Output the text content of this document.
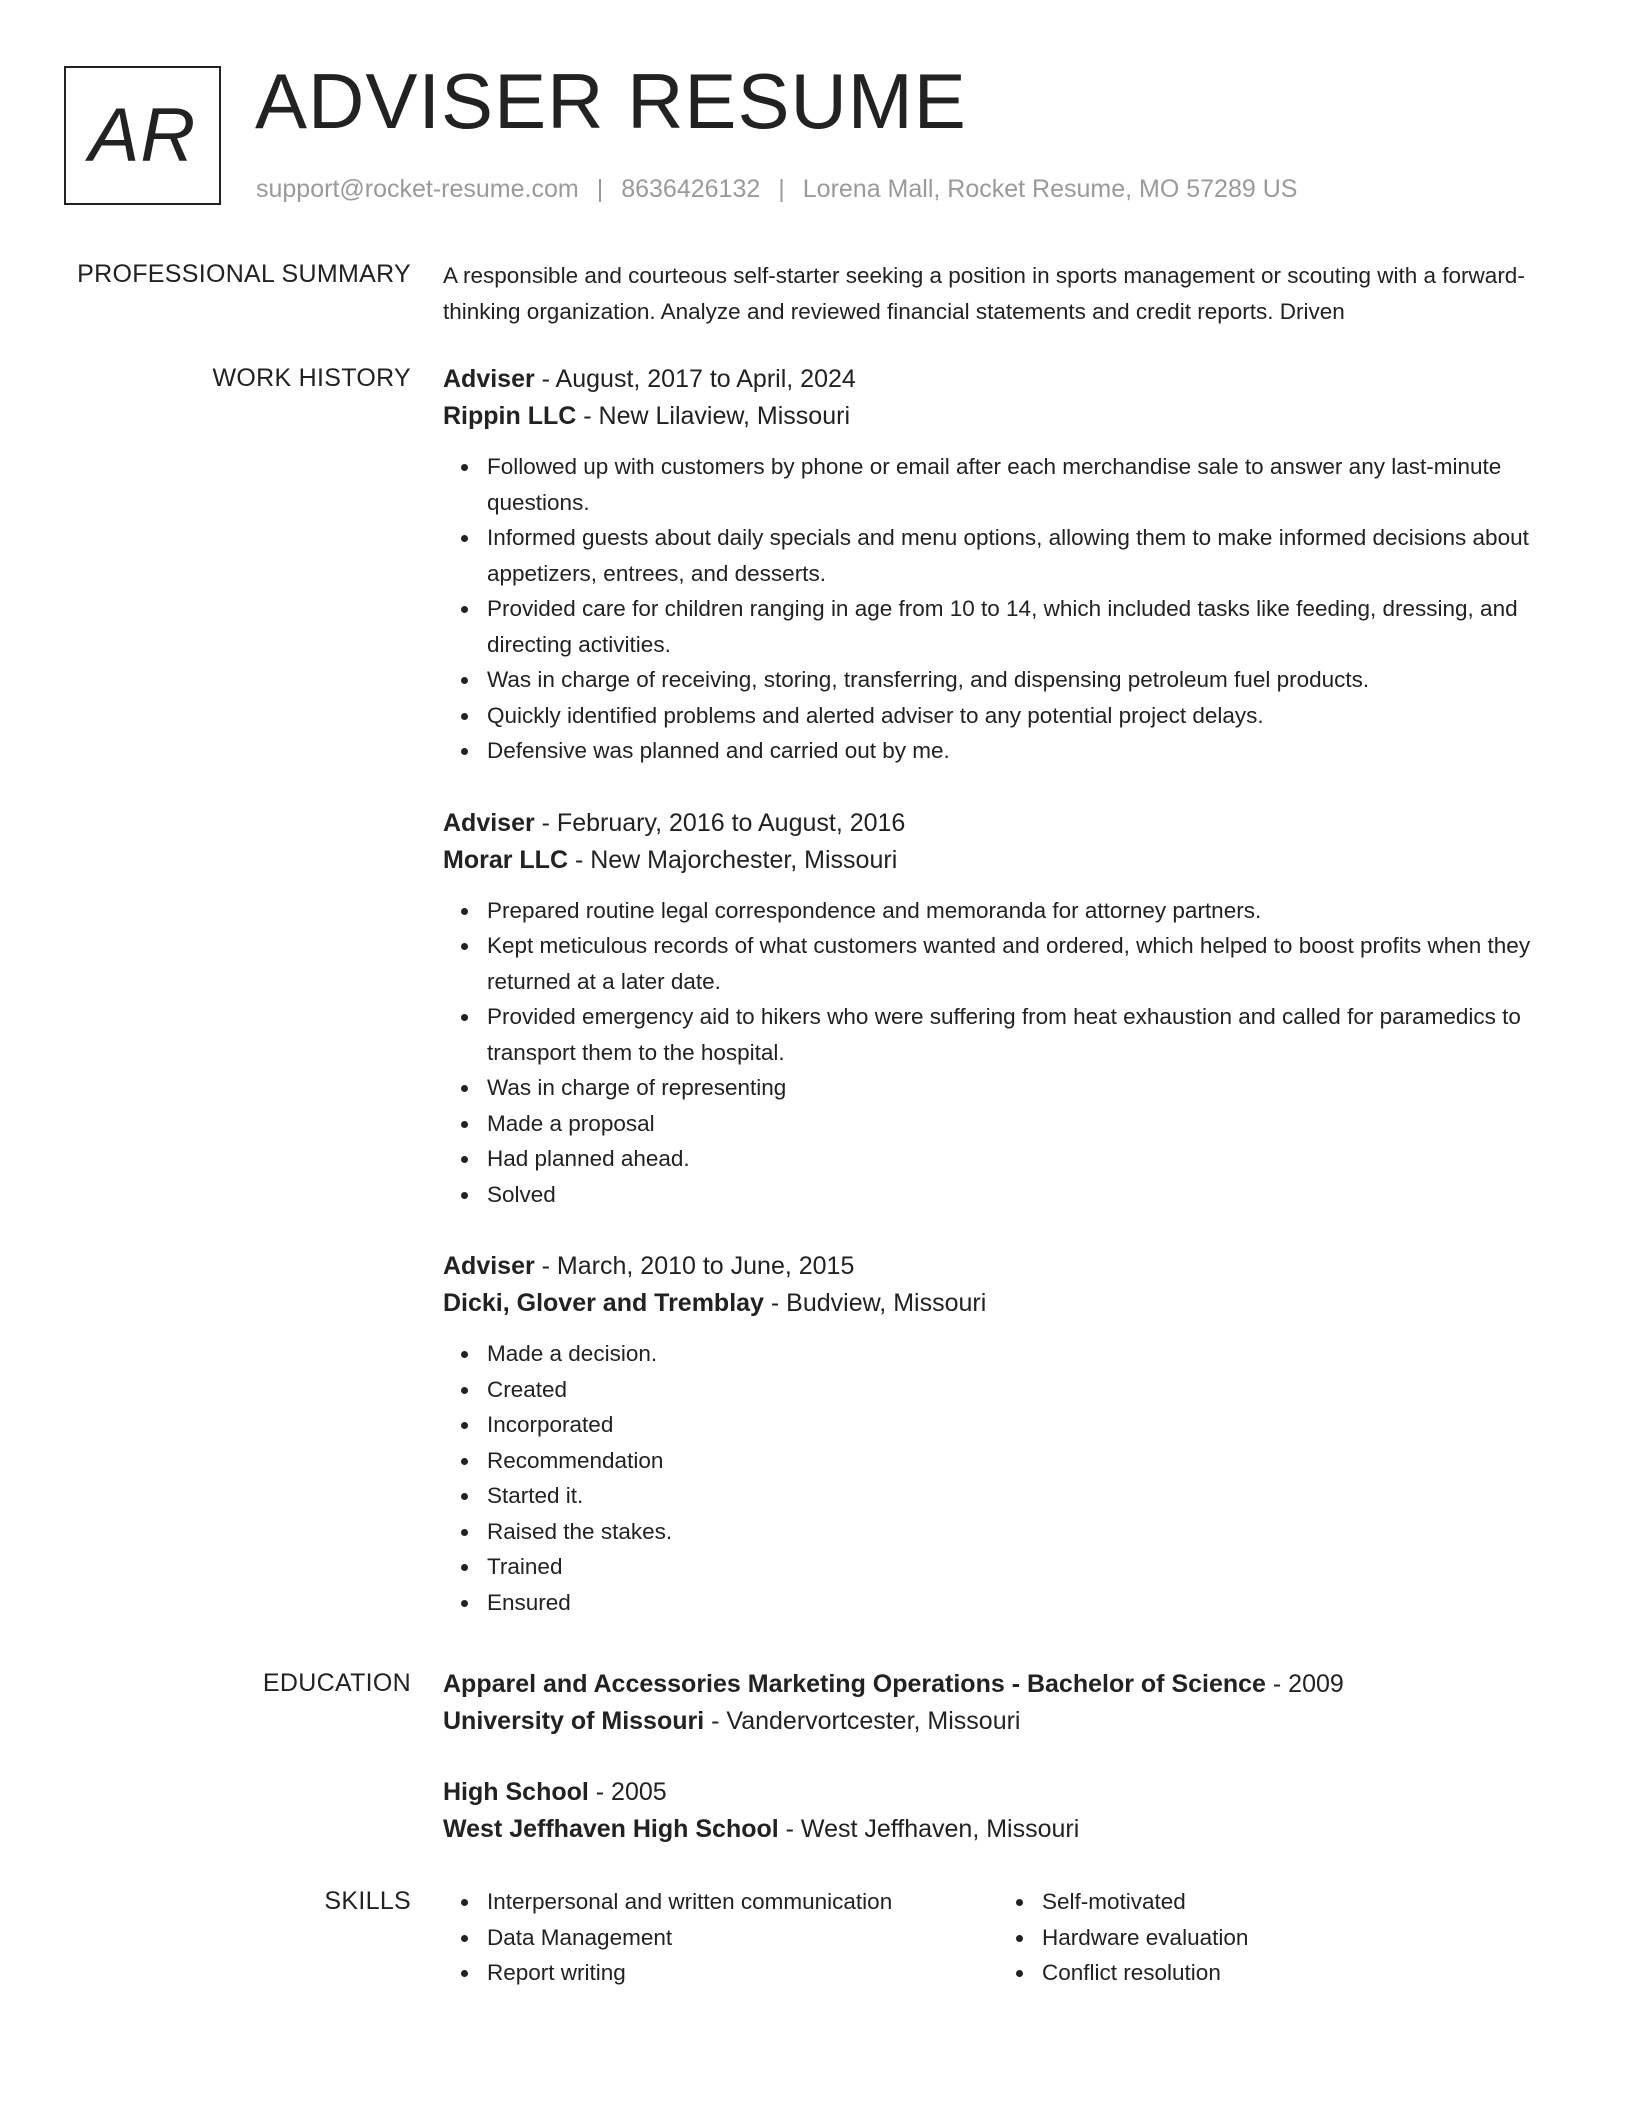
AR ADVISER RESUME
support@rocket-resume.com | 8636426132 | Lorena Mall, Rocket Resume, MO 57289 US
PROFESSIONAL SUMMARY A responsible and courteous self-starter seeking a position in sports management or scouting with a forward-thinking organization. Analyze and reviewed financial statements and credit reports. Driven

WORK HISTORY Adviser - August, 2017 to April, 2024
Rippin LLC - New Lilaview, Missouri
Followed up with customers by phone or email after each merchandise sale to answer any last-minute questions.
Informed guests about daily specials and menu options, allowing them to make informed decisions about appetizers, entrees, and desserts.
Provided care for children ranging in age from 10 to 14, which included tasks like feeding, dressing, and directing activities.
Was in charge of receiving, storing, transferring, and dispensing petroleum fuel products.
Quickly identified problems and alerted adviser to any potential project delays.
Defensive was planned and carried out by me.
Adviser - February, 2016 to August, 2016
Morar LLC - New Majorchester, Missouri
Prepared routine legal correspondence and memoranda for attorney partners.
Kept meticulous records of what customers wanted and ordered, which helped to boost profits when they returned at a later date.
Provided emergency aid to hikers who were suffering from heat exhaustion and called for paramedics to transport them to the hospital.
Was in charge of representing
Made a proposal
Had planned ahead.
Solved
Adviser - March, 2010 to June, 2015
Dicki, Glover and Tremblay - Budview, Missouri
Made a decision.
Created
Incorporated
Recommendation
Started it.
Raised the stakes.
Trained
Ensured
EDUCATION Apparel and Accessories Marketing Operations - Bachelor of Science - 2009
University of Missouri - Vandervortcester, Missouri
High School - 2005
West Jeffhaven High School - West Jeffhaven, Missouri
SKILLS	Interpersonal and written communication
Data Management
Report writing
Self-motivated
Hardware evaluation
Conflict resolution
